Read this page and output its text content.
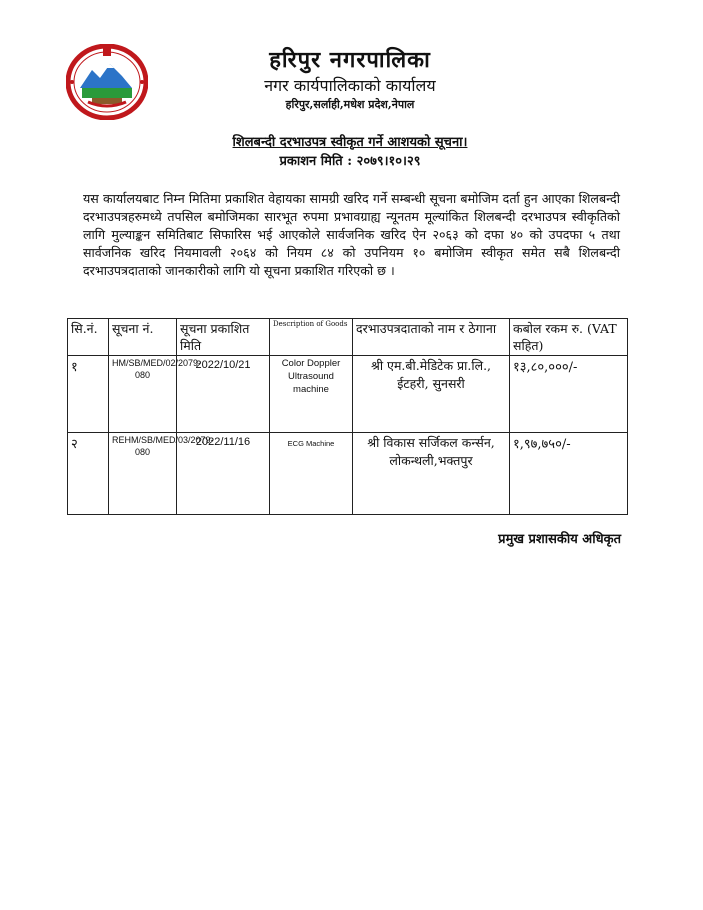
हरिपुर नगरपालिका
नगर कार्यपालिकाको कार्यालय
हरिपुर,सर्लाही,मधेश प्रदेश,नेपाल
शिलबन्दी दरभाउपत्र स्वीकृत गर्ने आशयको सूचना।
प्रकाशन मिति : २०७९।१०।२९

यस कार्यालयबाट निम्न मितिमा प्रकाशित वेहायका सामग्री खरिद गर्ने सम्बन्धी सूचना बमोजिम दर्ता हुन आएका शिलबन्दी दरभाउपत्रहरुमध्ये तपसिल बमोजिमका सारभूत रुपमा प्रभावग्राह्य न्यूनतम मूल्यांकित शिलबन्दी दरभाउपत्र स्वीकृतिको लागि मुल्याङ्कन समितिबाट सिफारिस भई आएकोले सार्वजनिक खरिद ऐन २०६३ को दफा ४० को उपदफा ५ तथा सार्वजनिक खरिद नियमावली २०६४ को नियम ८४ को उपनियम १० बमोजिम स्वीकृत समेत सबै शिलबन्दी दरभाउपत्रदाताको जानकारीको लागि यो सूचना प्रकाशित गरिएको छ ।

सि.नं.	सूचना नं.	सूचना प्रकाशित मिति	Description of Goods	दरभाउपत्रदाताको नाम र ठेगाना	कबोल रकम रु. (VAT सहित)
१	HM/SB/MED/02/2079-080	2022/10/21	Color Doppler Ultrasound machine	श्री एम.बी.मेडिटेक प्रा.लि., ईटहरी, सुनसरी	१३,८०,०००/-
२	REHM/SB/MED/03/2079-080	2022/11/16	ECG Machine	श्री विकास सर्जिकल कर्न्सन, लोकन्थली,भक्तपुर	१,९७,७५०/-
प्रमुख प्रशासकीय अधिकृत
